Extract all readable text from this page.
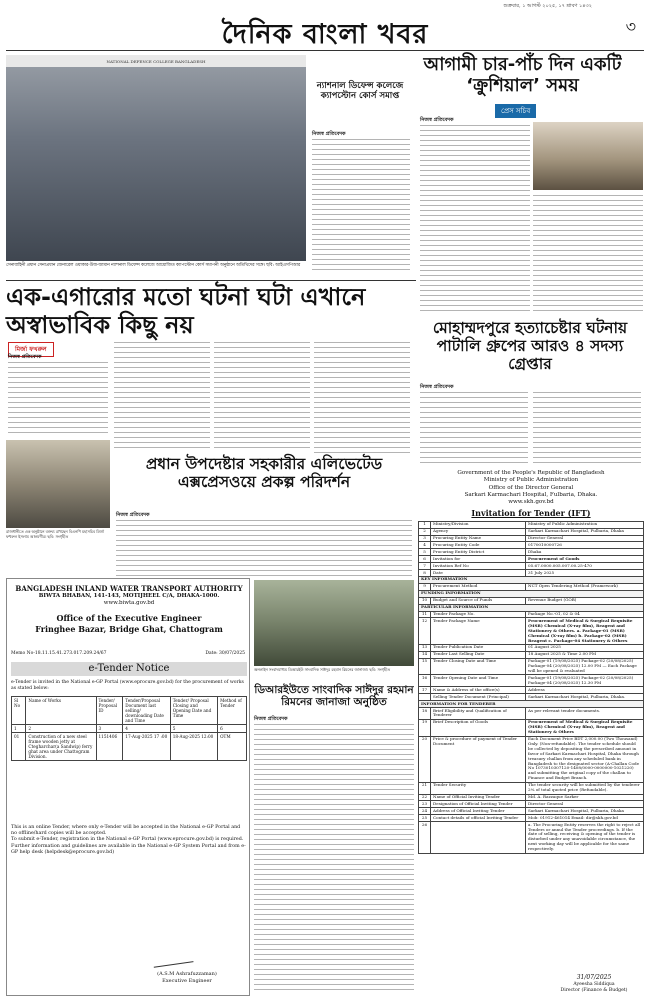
শুক্রবার, ১ আগস্ট ২০২৫, ১৭ শ্রাবণ ১৪৩২
দৈনিক বাংলা খবর	৩
NATIONAL DEFENCE COLLEGE BANGLADESH
সেনাবাহিনী প্রধান সেনাপ্রধান জেনারেল ওয়াকার-উজ-জামান ন্যাশনাল ডিফেন্স কলেজে আয়োজিত ক্যাপস্টোন কোর্স সমাপনী অনুষ্ঠানে অতিথিদের সঙ্গে। ছবি: আইএসপিআর
ন্যাশনাল ডিফেন্স কলেজে ক্যাপস্টোন কোর্স সমাপ্ত
নিজস্ব প্রতিবেদক
আগামী চার-পাঁচ দিন একটি ‘ক্রুশিয়াল’ সময়
প্রেস সচিব
নিজস্ব প্রতিবেদক
এক-এগারোর মতো ঘটনা ঘটা এখানে অস্বাভাবিক কিছু নয়
মির্জা ফখরুল
নিজস্ব প্রতিবেদক
রাজধানীতে এক অনুষ্ঠানে বক্তব্য রাখছেন বিএনপি মহাসচিব মির্জা ফখরুল ইসলাম আলমগীর। ছবি: সংগৃহীত
মোহাম্মদপুরে হত্যাচেষ্টার ঘটনায় পাটালি গ্রুপের আরও ৪ সদস্য গ্রেপ্তার
নিজস্ব প্রতিবেদক
প্রধান উপদেষ্টার সহকারীর এলিভেটেড এক্সপ্রেসওয়ে প্রকল্প পরিদর্শন
নিজস্ব প্রতিবেদক
BANGLADESH INLAND WATER TRANSPORT AUTHORITY
BIWTA BHABAN, 141-143, MOTIJHEEL C/A, DHAKA-1000.
www.biwta.gov.bd
Office of the Executive Engineer
Fringhee Bazar, Bridge Ghat, Chattogram
Memo No-18.11.15.41.273.017.209.24/67	Date: 30/07/2025
e-Tender Notice
e-Tender is invited in the National e-GP Portal (www.eprocure.gov.bd) for the procurement of works as stated below:
Sl No	Name of Works	Tender/ Proposal ID	Tender/Proposal Document last selling/ downloading Date and Time	Tender/ Proposal Closing and Opening Date and Time	Method of Tender
1	2	3	4	5	6
01	Construction of a new steel frame wooden jetty at Ctegharchar(a Sandwip) ferry ghat area under Chattogram Division.	1151406	17-Aug-2025 17 :00	18-Aug-2025 12:00	OTM
This is an online Tender, where only e-Tender will be accepted in the National e-GP Portal and no offline/hard copies will be accepted.
To submit e-Tender, registration in the National e-GP Portal (www.eprocure.gov.bd) is required.
Further information and guidelines are available in the National e-GP System Portal and from e-GP help desk (helpdesk@eprocure.gov.bd)
(A.S.M Ashrafuzzaman)
Executive Engineer
অনলাইন সংবাদমাধ্যম ডিআরইউ সাংবাদিক সাঈদুর রহমান রিমনের জানাজা। ছবি: সংগৃহীত
ডিআরইউতে সাংবাদিক সাঈদুর রহমান রিমনের জানাজা অনুষ্ঠিত
নিজস্ব প্রতিবেদক
Government of the People's Republic of Bangladesh
Ministry of Public Administration
Office of the Director General
Sarkari Karmachari Hospital, Fulbaria, Dhaka.
www.skh.gov.bd
Invitation for Tender (IFT)
1	Ministry/Division	Ministry of Public Administration
2	Agency	Sarkari Karmachari Hospital, Fulbaria, Dhaka
3	Procuring Entity Name	Director General
4	Procuring Entity Code	0170010000726
5	Procuring Entity District	Dhaka
6	Invitation for	Procurement of Goods
7	Invitation Ref No	05.67.0000.005.007.00.25-470
8	Date	31 July 2025
KEY INFORMATION		
9	Procurement Method	NCT Open Tendering Method (Framework)
FUNDING INFORMATION		
10	Budget and Source of Funds	Revenue Budget (GOB)
PARTICULAR INFORMATION		
11	Tender Package No.	Package No.-01, 02 & 04
12	Tender Package Name	Procurement of Medical & Surgical Requisite (MSR) Chemical (X-ray film), Reagent and Stationery & Others. a. Package-01 (MSR) Chemical (X-ray film) b. Package-02 (MSR) Reagent c. Package-04 Stationery & Others
13	Tender Publication Date	01 August 2025
14	Tender Last Selling Date	18 August 2025 & Time 2.00 PM
15	Tender Closing Date and Time	Package-01 (19/08/2025) Package-02 (20/08/2025) Package-04 (20/08/2025) 12.00 PM — Each Package will be opened & evaluated
16	Tender Opening Date and Time	Package-01 (19/08/2025) Package-02 (20/08/2025) Package-04 (20/08/2025) 12.30 PM
17	Name & Address of the office(s)	Address
	Selling Tender Document (Principal)	Sarkari Karmachari Hospital, Fulbaria, Dhaka.
INFORMATION FOR TENDERER		
18	Brief Eligibility and Qualification of Tenderer	As per relevant tender documents.
19	Brief Description of Goods	Procurement of Medical & Surgical Requisite (MSR) Chemical (X-ray film), Reagent and Stationery & Others
20	Price & procedure of payment of Tender Document	Each Document Price BDT 2,000.00 (Two Thousand) Only. (Non-refundable). The tender schedule should be collected by depositing the prescribed amount in favor of Sarkari Karmachari Hospital, Dhaka through treasury challan from any scheduled bank in Bangladesh to the designated sector (A-Challan Code No 1073010307120-1408/0000-0000000-1021220) and submitting the original copy of the challan to Finance and Budget Branch.
21	Tender Security	The tender security will be submitted by the tenderer 2% of total quoted price (Refundable).
22	Name of Official Inviting Tender	Md. A. Razzaque Sarker
23	Designation of Official Inviting Tender	Director General
24	Address of Official Inviting Tender	Sarkari Karmachari Hospital, Fulbaria, Dhaka
25	Contact details of official Inviting Tender	Mob: 01912-461014 Email: dir@skh.gov.bd
26		a. The Procuring Entity reserves the right to reject all Tenders or annul the Tender proceedings. b. If the date of selling, receiving & opening of the tender is disturbed under any unavoidable circumstance, the next working day will be applicable for the same respectively.
31/07/2025
Ayeesha Siddiqua
Director (Finance & Budget)
